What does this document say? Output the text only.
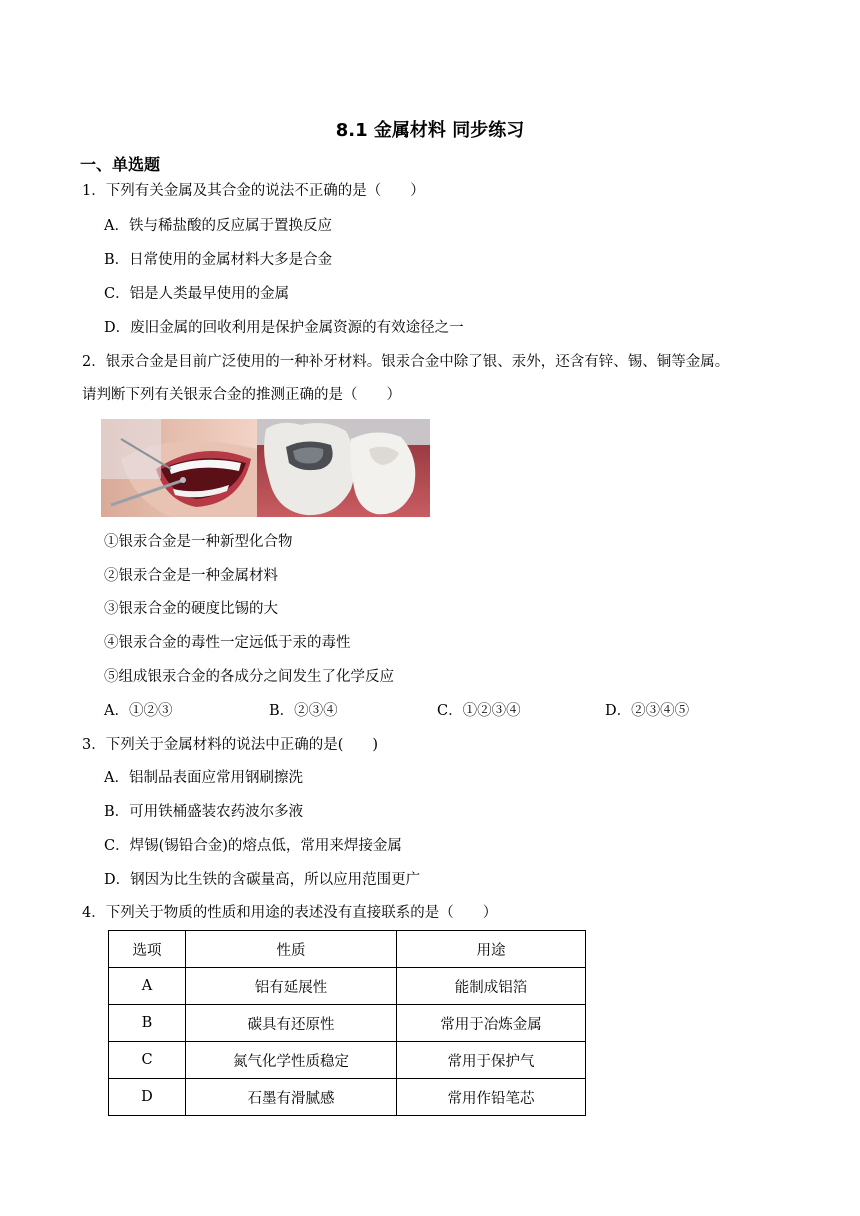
8.1 金属材料 同步练习
一、单选题
1．下列有关金属及其合金的说法不正确的是（　　）
A．铁与稀盐酸的反应属于置换反应
B．日常使用的金属材料大多是合金
C．铝是人类最早使用的金属
D．废旧金属的回收利用是保护金属资源的有效途径之一
2．银汞合金是目前广泛使用的一种补牙材料。银汞合金中除了银、汞外，还含有锌、锡、铜等金属。
请判断下列有关银汞合金的推测正确的是（　　）
①银汞合金是一种新型化合物
②银汞合金是一种金属材料
③银汞合金的硬度比锡的大
④银汞合金的毒性一定远低于汞的毒性
⑤组成银汞合金的各成分之间发生了化学反应
A．①②③	B．②③④	C．①②③④	D．②③④⑤
3．下列关于金属材料的说法中正确的是(　　)
A．铝制品表面应常用钢刷擦洗
B．可用铁桶盛装农药波尔多液
C．焊锡(锡铅合金)的熔点低，常用来焊接金属
D．钢因为比生铁的含碳量高，所以应用范围更广
4．下列关于物质的性质和用途的表述没有直接联系的是（　　）
选项	性质	用途
A	铝有延展性	能制成铝箔
B	碳具有还原性	常用于冶炼金属
C	氮气化学性质稳定	常用于保护气
D	石墨有滑腻感	常用作铅笔芯
